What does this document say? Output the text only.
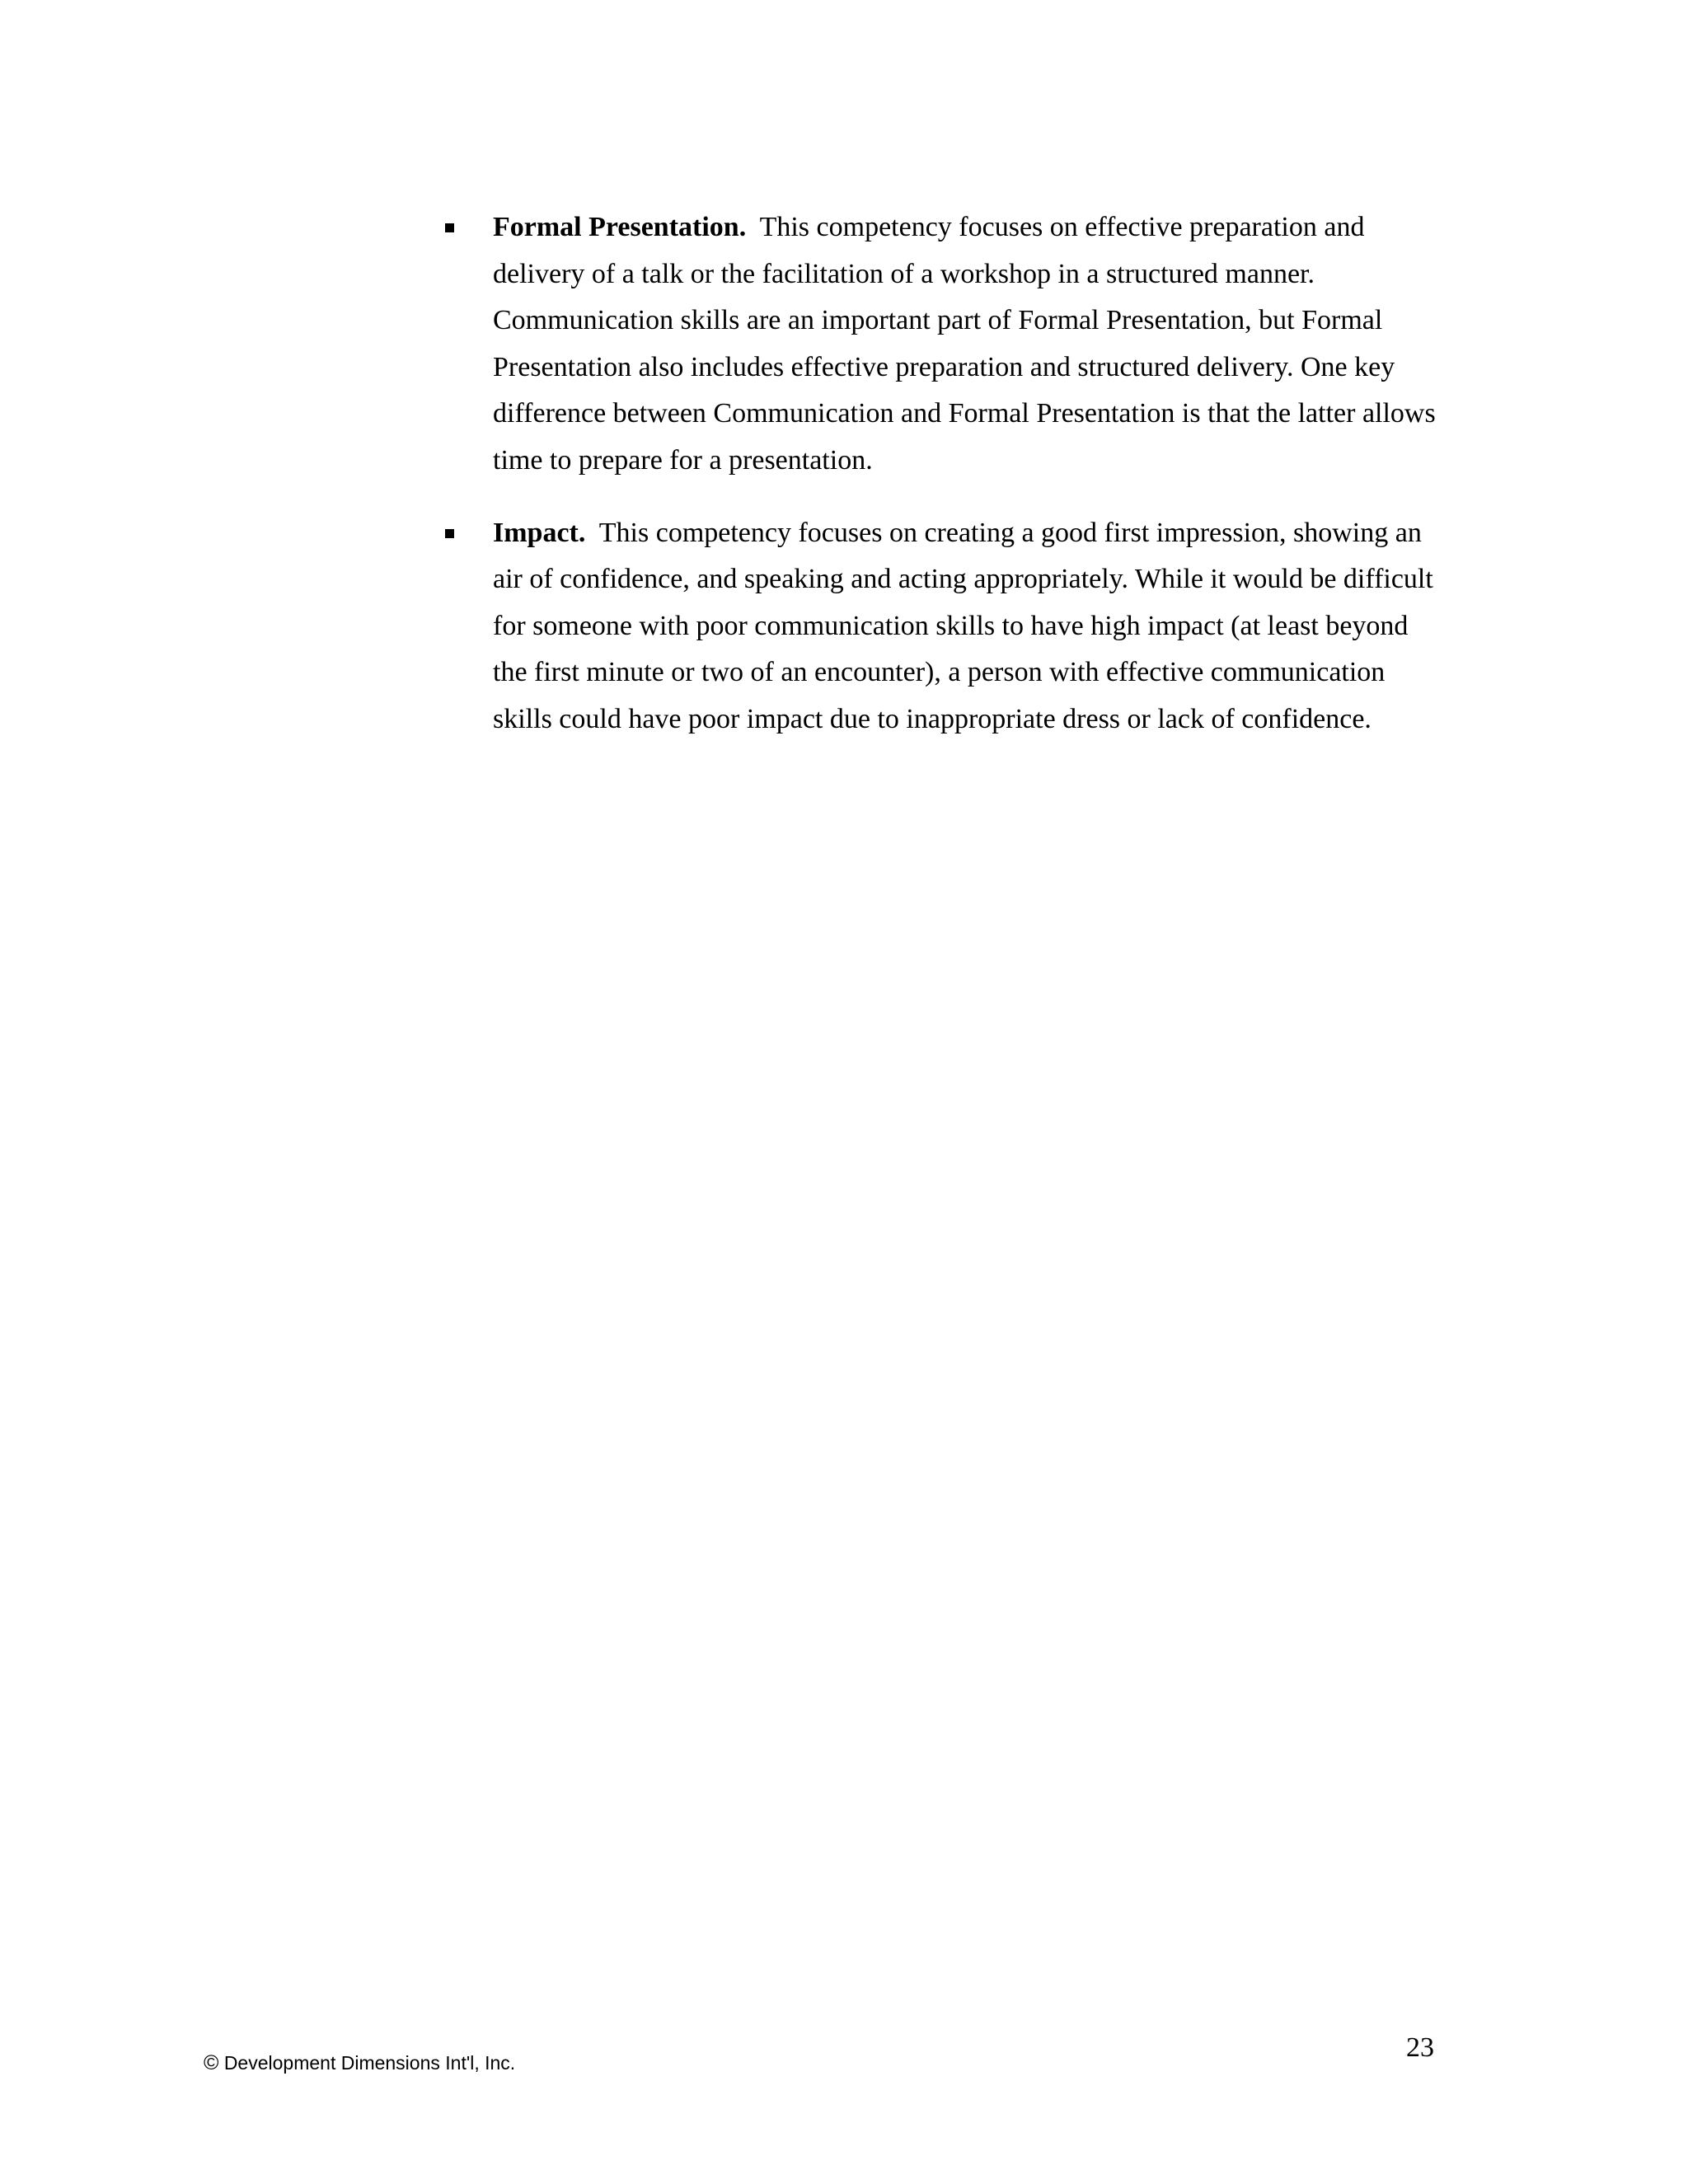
Formal Presentation. This competency focuses on effective preparation and delivery of a talk or the facilitation of a workshop in a structured manner. Communication skills are an important part of Formal Presentation, but Formal Presentation also includes effective preparation and structured delivery. One key difference between Communication and Formal Presentation is that the latter allows time to prepare for a presentation.
Impact. This competency focuses on creating a good first impression, showing an air of confidence, and speaking and acting appropriately. While it would be difficult for someone with poor communication skills to have high impact (at least beyond the first minute or two of an encounter), a person with effective communication skills could have poor impact due to inappropriate dress or lack of confidence.
© Development Dimensions Int'l, Inc.	23
